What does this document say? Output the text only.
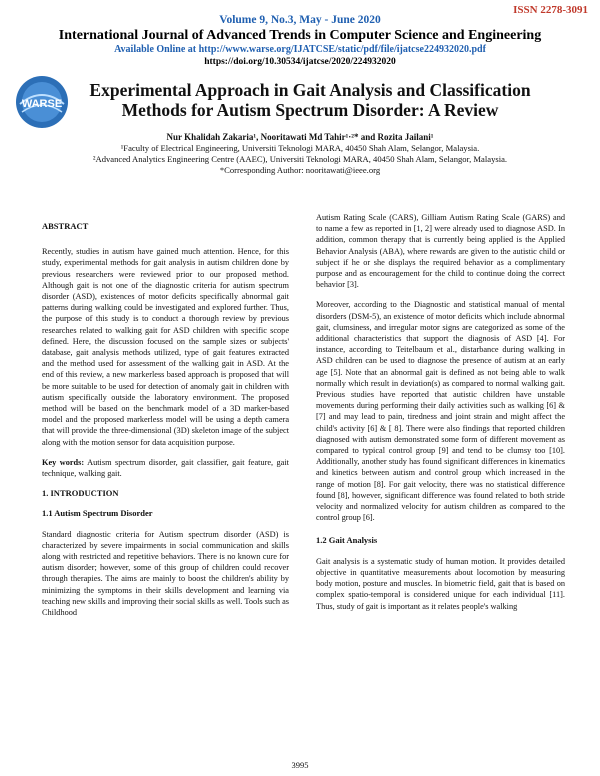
ISSN 2278-3091
Volume 9, No.3, May - June 2020
International Journal of Advanced Trends in Computer Science and Engineering
Available Online at http://www.warse.org/IJATCSE/static/pdf/file/ijatcse224932020.pdf
https://doi.org/10.30534/ijatcse/2020/224932020
WARSE
Experimental Approach in Gait Analysis and Classification Methods for Autism Spectrum Disorder: A Review
Nur Khalidah Zakaria¹, Nooritawati Md Tahir¹·²* and Rozita Jailani¹
¹Faculty of Electrical Engineering, Universiti Teknologi MARA, 40450 Shah Alam, Selangor, Malaysia.
²Advanced Analytics Engineering Centre (AAEC), Universiti Teknologi MARA, 40450 Shah Alam, Selangor, Malaysia.
*Corresponding Author: nooritawati@ieee.org
ABSTRACT

Recently, studies in autism have gained much attention. Hence, for this study, experimental methods for gait analysis in autism children done by previous researchers were reviewed prior to our proposed method. Although gait is not one of the diagnostic criteria for autism spectrum disorder (ASD), existences of motor deficits specifically abnormal gait patterns during walking could be investigated and explored further. Thus, the purpose of this study is to conduct a thorough review by previous researches related to walking gait for ASD children with specific scope defined. Here, the discussion focused on the sample sizes or subjects' database, gait analysis methods utilized, type of gait features extracted and the method used for assessment of the walking gait in ASD. At the end of this review, a new markerless based approach is proposed that will be more suitable to be used for detection of anomaly gait in children with autism specifically outside the laboratory environment. The proposed method will be based on the benchmark model of a 3D marker-based model and the proposed markerless model will be using a depth camera that will provide the three-dimensional (3D) skeleton image of the subject along with the motion sensor for data acquisition purpose.

Key words: Autism spectrum disorder, gait classifier, gait feature, gait technique, walking gait.

1. INTRODUCTION
1.1 Autism Spectrum Disorder

Standard diagnostic criteria for Autism spectrum disorder (ASD) is characterized by severe impairments in social communication and skills along with restricted and repetitive behaviors. There is no known cure for autism disorder; however, some of this group of children could recover through therapies. The aims are mainly to boost the children's ability by minimizing the symptoms in their skills development and learning via teaching new skills and improving their social skills as well. Tools such as Childhood

Autism Rating Scale (CARS), Gilliam Autism Rating Scale (GARS) and to name a few as reported in [1, 2] were already used to diagnose ASD. In addition, common therapy that is currently being applied is the Applied Behavior Analysis (ABA), where rewards are given to the autistic child or subject if he or she displays the required behavior as a complimentary purpose and as encouragement for the child to continue doing the correct behavior [3].

Moreover, according to the Diagnostic and statistical manual of mental disorders (DSM-5), an existence of motor deficits which include abnormal gait, clumsiness, and irregular motor signs are categorized as some of the additional characteristics that support the diagnosis of ASD [4]. For instance, according to Teitelbaum et al., distarbance during walking in ASD children can be used to diagnose the presence of autism at an early age [5]. Note that an abnormal gait is defined as not being able to walk normally which result in deviation(s) as compared to normal walking gait. Previous studies have reported that autistic children have unstable movements during performing their daily activities such as walking [6] & [7] and may lead to pain, tiredness and joint strain and might affect the child's activity [6] & [ 8]. There were also findings that reported children diagnosed with autism demonstrated some form of different movement as compared to typical control group [9] and tend to be clumsy too [10]. Additionally, another study has found significant differences in kinematics and kinetics between autism and control group which increased in the range of motion [8]. For gait velocity, there was no statistical difference found [8], however, significant difference was found related to both stride velocity and normalized velocity for autism children as compared to the control group [6].

1.2 Gait Analysis

Gait analysis is a systematic study of human motion. It provides detailed objective in quantitative measurements about locomotion by measuring body motion, posture and muscles. In biometric field, gait that is based on complex spatio-temporal is considered unique for each individual [11]. Thus, study of gait is important as it relates people's walking

3995
